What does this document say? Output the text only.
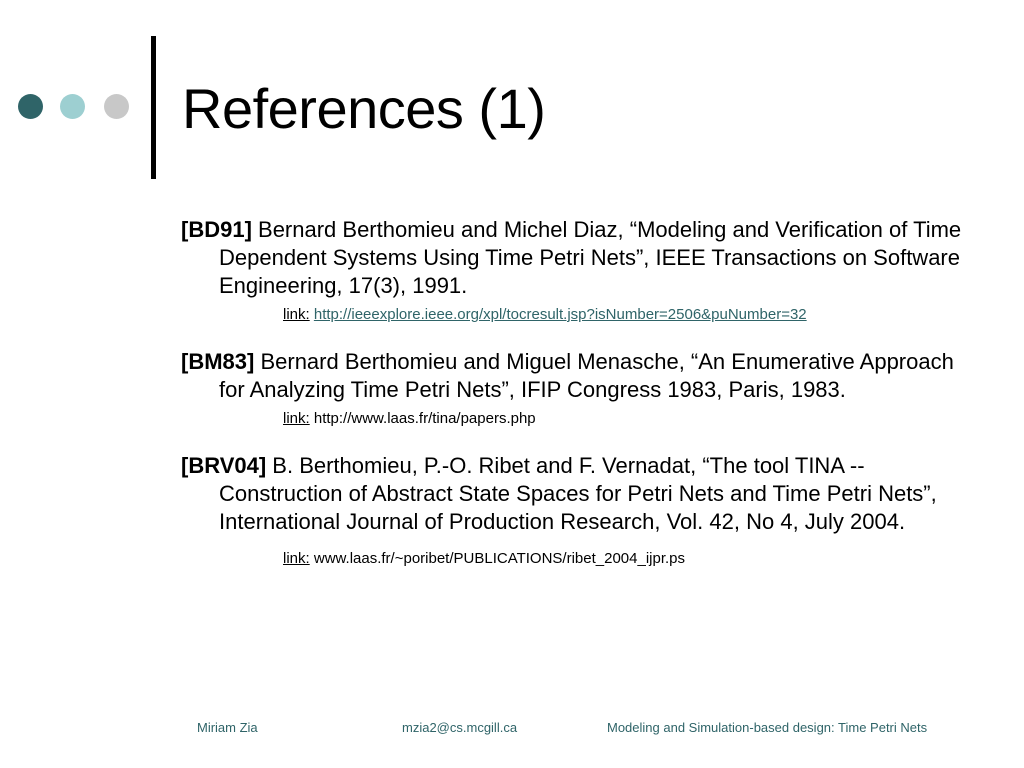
References (1)
[BD91] Bernard Berthomieu and Michel Diaz, “Modeling and Verification of Time Dependent Systems Using Time Petri Nets”, IEEE Transactions on Software Engineering, 17(3), 1991.
link: http://ieeexplore.ieee.org/xpl/tocresult.jsp?isNumber=2506&puNumber=32
[BM83] Bernard Berthomieu and Miguel Menasche, “An Enumerative Approach for Analyzing Time Petri Nets”, IFIP Congress 1983, Paris, 1983.
link: http://www.laas.fr/tina/papers.php
[BRV04] B. Berthomieu, P.-O. Ribet and F. Vernadat, “The tool TINA -- Construction of Abstract State Spaces for Petri Nets and Time Petri Nets”, International Journal of Production Research, Vol. 42, No 4, July 2004.
link: www.laas.fr/~poribet/PUBLICATIONS/ribet_2004_ijpr.ps
Miriam Zia	mzia2@cs.mcgill.ca	Modeling and Simulation-based design: Time Petri Nets
